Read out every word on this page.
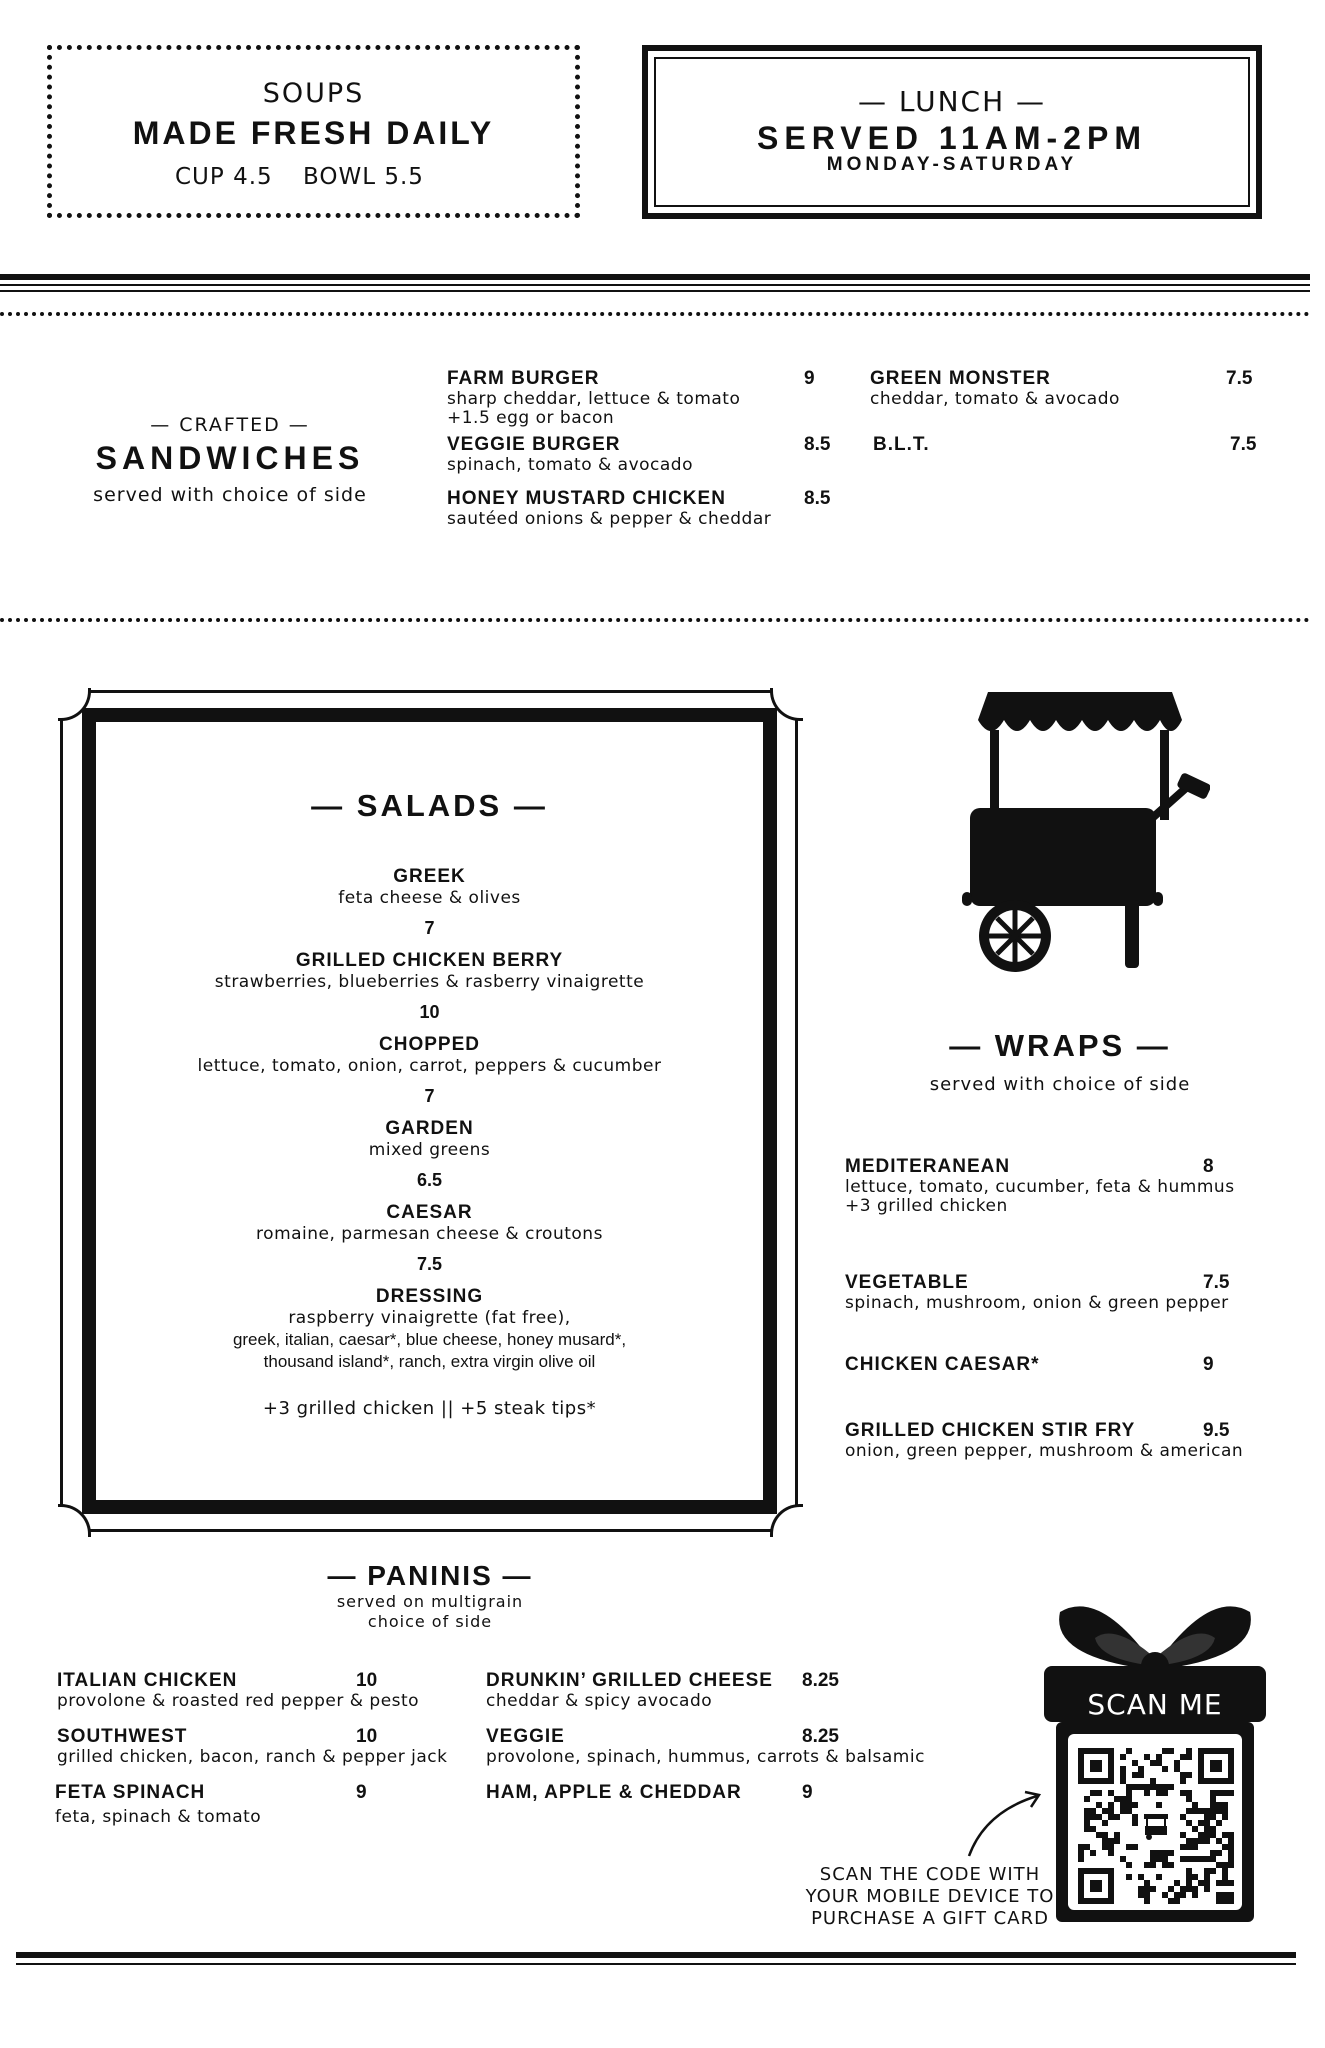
SOUPS
MADE FRESH DAILY
CUP 4.5 BOWL 5.5
— LUNCH —
SERVED 11AM-2PM
MONDAY-SATURDAY
— CRAFTED —
SANDWICHES
served with choice of side
FARM BURGER
sharp cheddar, lettuce & tomato
+1.5 egg or bacon
9
VEGGIE BURGER
spinach, tomato & avocado
8.5
HONEY MUSTARD CHICKEN
sautéed onions & pepper & cheddar
8.5
GREEN MONSTER
cheddar, tomato & avocado
7.5
B.L.T.	7.5
— SALADS —
GREEK
feta cheese & olives
7
GRILLED CHICKEN BERRY
strawberries, blueberries & rasberry vinaigrette
10
CHOPPED
lettuce, tomato, onion, carrot, peppers & cucumber
7
GARDEN
mixed greens
6.5
CAESAR
romaine, parmesan cheese & croutons
7.5
DRESSING
raspberry vinaigrette (fat free),
greek, italian, caesar*, blue cheese, honey musard*,
thousand island*, ranch, extra virgin olive oil
+3 grilled chicken || +5 steak tips*
— WRAPS —
served with choice of side
MEDITERANEAN
lettuce, tomato, cucumber, feta & hummus
+3 grilled chicken
8
VEGETABLE
spinach, mushroom, onion & green pepper
7.5
CHICKEN CAESAR*	9
GRILLED CHICKEN STIR FRY
onion, green pepper, mushroom & american
9.5
— PANINIS —
served on multigrain
choice of side
ITALIAN CHICKEN
provolone & roasted red pepper & pesto
10
SOUTHWEST
grilled chicken, bacon, ranch & pepper jack
10
FETA SPINACH
feta, spinach & tomato
9
DRUNKIN’ GRILLED CHEESE
cheddar & spicy avocado
8.25
VEGGIE
provolone, spinach, hummus, carrots & balsamic
8.25
HAM, APPLE & CHEDDAR	9
SCAN ME
SCAN THE CODE WITH
YOUR MOBILE DEVICE TO
PURCHASE A GIFT CARD
